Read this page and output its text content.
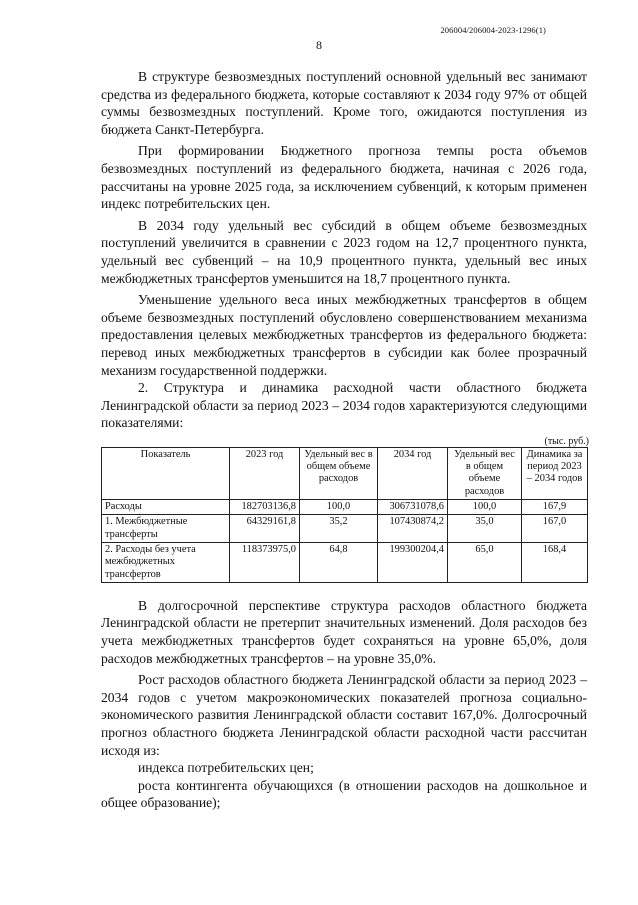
206004/206004-2023-1296(1)
8

В структуре безвозмездных поступлений основной удельный вес занимают средства из федерального бюджета, которые составляют к 2034 году 97% от общей суммы безвозмездных поступлений. Кроме того, ожидаются поступления из бюджета Санкт-Петербурга.

При формировании Бюджетного прогноза темпы роста объемов безвозмездных поступлений из федерального бюджета, начиная с 2026 года, рассчитаны на уровне 2025 года, за исключением субвенций, к которым применен индекс потребительских цен.

В 2034 году удельный вес субсидий в общем объеме безвозмездных поступлений увеличится в сравнении с 2023 годом на 12,7 процентного пункта, удельный вес субвенций – на 10,9 процентного пункта, удельный вес иных межбюджетных трансфертов уменьшится на 18,7 процентного пункта.

Уменьшение удельного веса иных межбюджетных трансфертов в общем объеме безвозмездных поступлений обусловлено совершенствованием механизма предоставления целевых межбюджетных трансфертов из федерального бюджета: перевод иных межбюджетных трансфертов в субсидии как более прозрачный механизм государственной поддержки.

2. Структура и динамика расходной части областного бюджета Ленинградской области за период 2023 – 2034 годов характеризуются следующими показателями:

(тыс. руб.)
Показатель	2023 год	Удельный вес в общем объеме расходов	2034 год	Удельный вес в общем объеме расходов	Динамика за период 2023 – 2034 годов
Расходы	182703136,8	100,0	306731078,6	100,0	167,9
1. Межбюджетные трансферты	64329161,8	35,2	107430874,2	35,0	167,0
2. Расходы без учета межбюджетных трансфертов	118373975,0	64,8	199300204,4	65,0	168,4

В долгосрочной перспективе структура расходов областного бюджета Ленинградской области не претерпит значительных изменений. Доля расходов без учета межбюджетных трансфертов будет сохраняться на уровне 65,0%, доля расходов межбюджетных трансфертов – на уровне 35,0%.

Рост расходов областного бюджета Ленинградской области за период 2023 – 2034 годов с учетом макроэкономических показателей прогноза социально-экономического развития Ленинградской области составит 167,0%. Долгосрочный прогноз областного бюджета Ленинградской области расходной части рассчитан исходя из:

индекса потребительских цен;

роста контингента обучающихся (в отношении расходов на дошкольное и общее образование);
